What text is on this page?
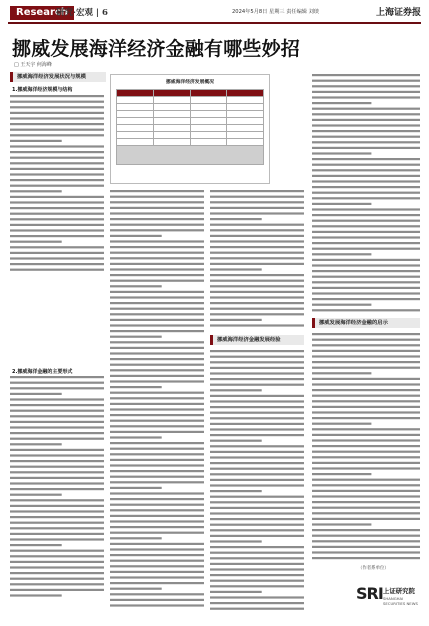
Research
研究·宏观 | 6	2024年5月8日 星期三 责任编辑 刘琰	上海证券报
挪威发展海洋经济金融有哪些妙招
□ 王天宇 何海峰
挪威海洋经济发展状况与规模
挪威海洋经济发展概况

1.挪威海洋经济规模与结构

2.挪威海洋金融的主要形式
挪威海洋经济金融发展经验
挪威发展海洋经济金融的启示
（作者系单位）
SRI 上证研究院
SHANGHAI SECURITIES NEWS
